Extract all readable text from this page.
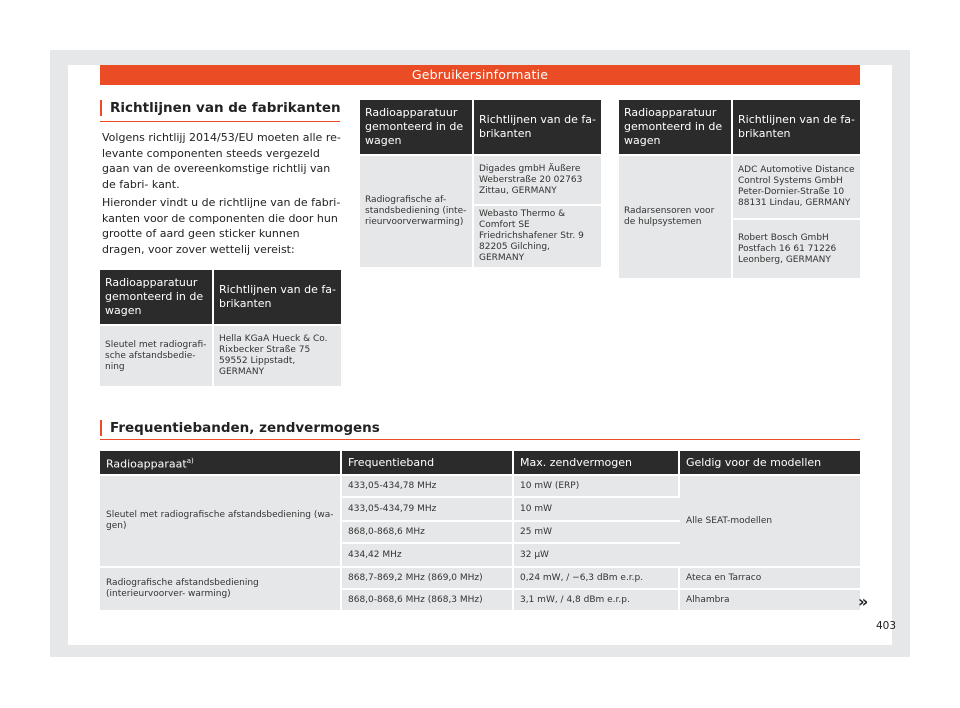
Gebruikersinformatie
Richtlijnen van de fabrikanten

Volgens richtlijj 2014/53/EU moeten alle re- levante componenten steeds vergezeld gaan van de overeenkomstige richtlij van de fabri- kant.

Hieronder vindt u de richtlijne van de fabri- kanten voor de componenten die door hun grootte of aard geen sticker kunnen dragen, voor zover wettelij vereist:

Radioapparatuur gemonteerd in de wagen	Richtlijnen van de fa- brikanten
Sleutel met radiografi- sche afstandsbedie- ning	Hella KGaA Hueck & Co. Rixbecker Straße 75 59552 Lippstadt, GERMANY
Radioapparatuur gemonteerd in de wagen	Richtlijnen van de fa- brikanten
Radiografische af- standsbediening (inte- rieurvoorverwarming)	Digades gmbH Äußere Weberstraße 20 02763 Zittau, GERMANY
	Webasto Thermo & Comfort SE Friedrichshafener Str. 9 82205 Gilching, GERMANY
Radioapparatuur gemonteerd in de wagen	Richtlijnen van de fa- brikanten
Radarsensoren voor de hulpsystemen	ADC Automotive Distance Control Systems GmbH Peter-Dornier-Straße 10 88131 Lindau, GERMANY
	Robert Bosch GmbH Postfach 16 61 71226 Leonberg, GERMANY
Frequentiebanden, zendvermogens
Radioapparaat$^{a)}$	Frequentieband	Max. zendvermogen	Geldig voor de modellen
Sleutel met radiografische afstandsbediening (wa- gen)	433,05-434,78 MHz	10 mW (ERP)	Alle SEAT-modellen
	433,05-434,79 MHz	10 mW	
	868,0-868,6 MHz	25 mW	
	434,42 MHz	32 µW	
Radiografische afstandsbediening (interieurvoorver- warming)	868,7-869,2 MHz (869,0 MHz)	0,24 mW, / −6,3 dBm e.r.p.	Ateca en Tarraco
	868,0-868,6 MHz (868,3 MHz)	3,1 mW, / 4,8 dBm e.r.p.	Alhambra	»
403
